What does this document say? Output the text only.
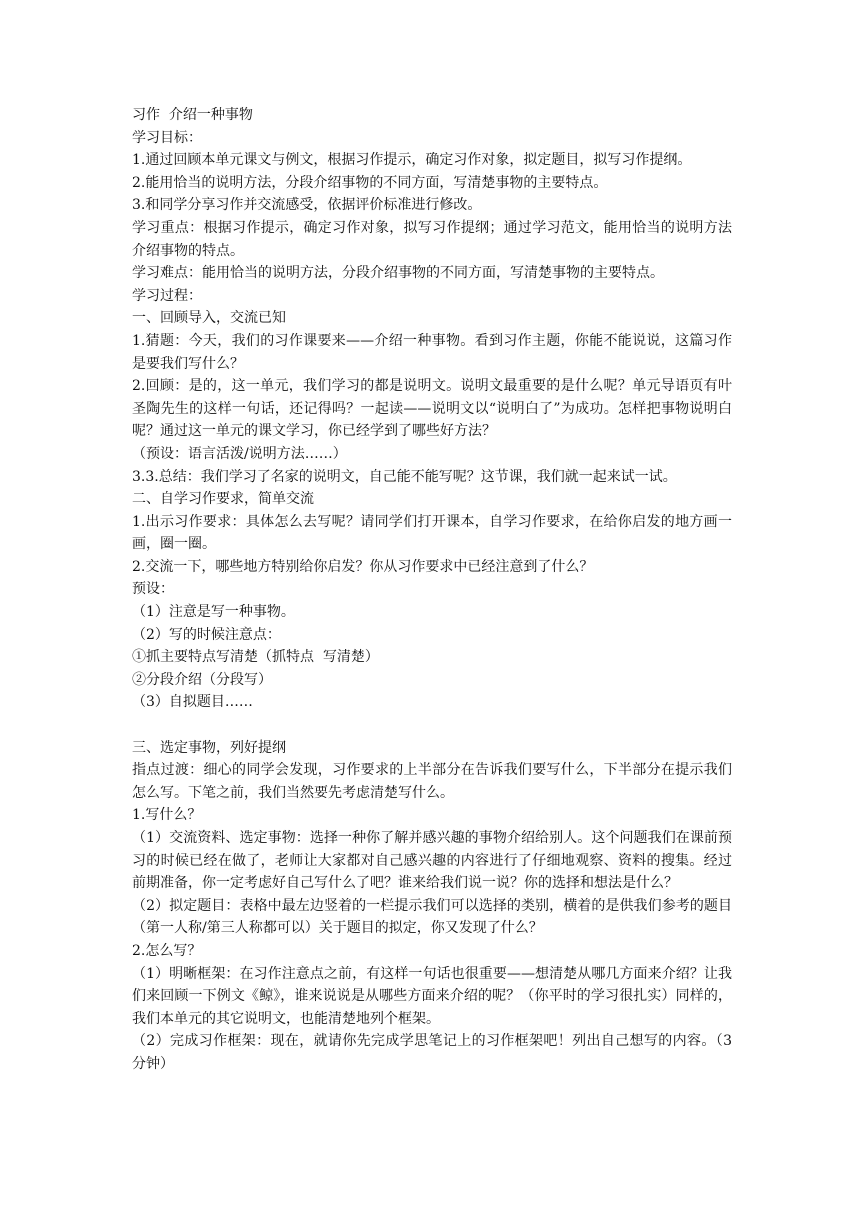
习作  介绍一种事物

学习目标：

1.通过回顾本单元课文与例文，根据习作提示，确定习作对象，拟定题目，拟写习作提纲。

2.能用恰当的说明方法，分段介绍事物的不同方面，写清楚事物的主要特点。

3.和同学分享习作并交流感受，依据评价标准进行修改。

学习重点：根据习作提示，确定习作对象，拟写习作提纲；通过学习范文，能用恰当的说明方法介绍事物的特点。

学习难点：能用恰当的说明方法，分段介绍事物的不同方面，写清楚事物的主要特点。

学习过程：

一、回顾导入，交流已知

1.猜题：今天，我们的习作课要来——介绍一种事物。看到习作主题，你能不能说说，这篇习作是要我们写什么？

2.回顾：是的，这一单元，我们学习的都是说明文。说明文最重要的是什么呢？单元导语页有叶圣陶先生的这样一句话，还记得吗？一起读——说明文以“说明白了”为成功。怎样把事物说明白呢？通过这一单元的课文学习，你已经学到了哪些好方法？

（预设：语言活泼/说明方法……）

3.3.总结：我们学习了名家的说明文，自己能不能写呢？这节课，我们就一起来试一试。

二、自学习作要求，简单交流

1.出示习作要求：具体怎么去写呢？请同学们打开课本，自学习作要求，在给你启发的地方画一画，圈一圈。

2.交流一下，哪些地方特别给你启发？你从习作要求中已经注意到了什么？

预设：

（1）注意是写一种事物。

（2）写的时候注意点：

①抓主要特点写清楚（抓特点  写清楚）

②分段介绍（分段写）

（3）自拟题目……

三、选定事物，列好提纲

指点过渡：细心的同学会发现，习作要求的上半部分在告诉我们要写什么，下半部分在提示我们怎么写。下笔之前，我们当然要先考虑清楚写什么。

1.写什么？

（1）交流资料、选定事物：选择一种你了解并感兴趣的事物介绍给别人。这个问题我们在课前预习的时候已经在做了，老师让大家都对自己感兴趣的内容进行了仔细地观察、资料的搜集。经过前期准备，你一定考虑好自己写什么了吧？谁来给我们说一说？你的选择和想法是什么？

（2）拟定题目：表格中最左边竖着的一栏提示我们可以选择的类别，横着的是供我们参考的题目（第一人称/第三人称都可以）关于题目的拟定，你又发现了什么？

2.怎么写？

（1）明晰框架：在习作注意点之前，有这样一句话也很重要——想清楚从哪几方面来介绍？让我们来回顾一下例文《鲸》，谁来说说是从哪些方面来介绍的呢？（你平时的学习很扎实）同样的，我们本单元的其它说明文，也能清楚地列个框架。

（2）完成习作框架：现在，就请你先完成学思笔记上的习作框架吧！列出自己想写的内容。（3 分钟）
